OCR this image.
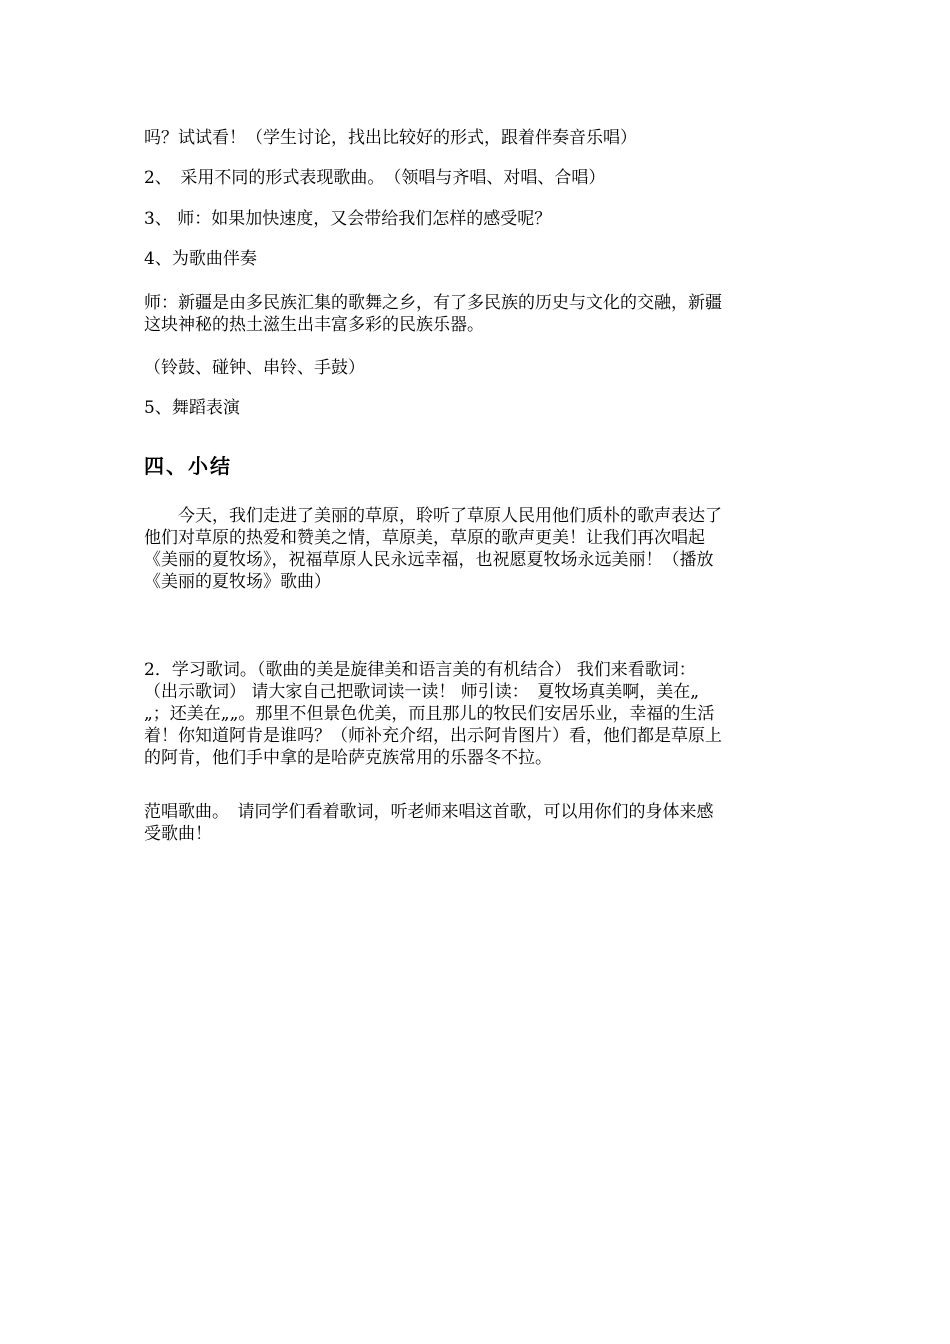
吗？试试看！（学生讨论，找出比较好的形式，跟着伴奏音乐唱）

2、　采用不同的形式表现歌曲。　（领唱与齐唱、对唱、合唱）

3、 师：如果加快速度，又会带给我们怎样的感受呢？

4、为歌曲伴奏

师：新疆是由多民族汇集的歌舞之乡，有了多民族的历史与文化的交融，新疆
这块神秘的热土滋生出丰富多彩的民族乐器。

（铃鼓、碰钟、串铃、手鼓）

5、舞蹈表演

四、小结

　今天，我们走进了美丽的草原，聆听了草原人民用他们质朴的歌声表达了
他们对草原的热爱和赞美之情，草原美，草原的歌声更美！让我们再次唱起
《美丽的夏牧场》，祝福草原人民永远幸福，也祝愿夏牧场永远美丽！（播放
《美丽的夏牧场》歌曲）

2．学习歌词。（歌曲的美是旋律美和语言美的有机结合） 我们来看歌词：
（出示歌词） 请大家自己把歌词读一读！ 师引读：　夏牧场真美啊，美在„
„；还美在„„。那里不但景色优美，而且那儿的牧民们安居乐业，幸福的生活
着！你知道阿肯是谁吗？（师补充介绍，出示阿肯图片）看，他们都是草原上
的阿肯，他们手中拿的是哈萨克族常用的乐器冬不拉。

范唱歌曲。　请同学们看着歌词，听老师来唱这首歌，可以用你们的身体来感
受歌曲！
